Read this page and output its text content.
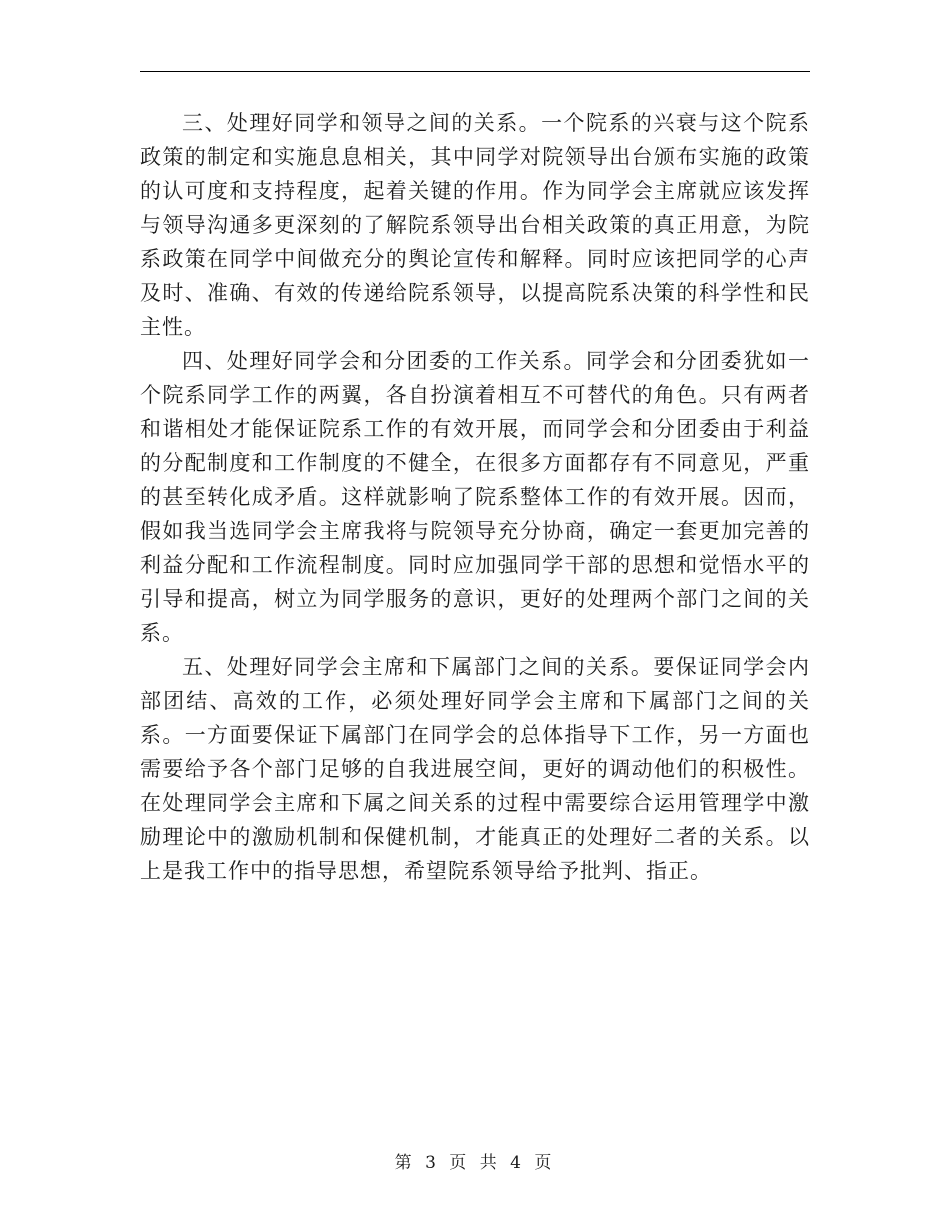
三、处理好同学和领导之间的关系。一个院系的兴衰与这个院系政策的制定和实施息息相关，其中同学对院领导出台颁布实施的政策的认可度和支持程度，起着关键的作用。作为同学会主席就应该发挥与领导沟通多更深刻的了解院系领导出台相关政策的真正用意，为院系政策在同学中间做充分的舆论宣传和解释。同时应该把同学的心声及时、准确、有效的传递给院系领导，以提高院系决策的科学性和民主性。

四、处理好同学会和分团委的工作关系。同学会和分团委犹如一个院系同学工作的两翼，各自扮演着相互不可替代的角色。只有两者和谐相处才能保证院系工作的有效开展，而同学会和分团委由于利益的分配制度和工作制度的不健全，在很多方面都存有不同意见，严重的甚至转化成矛盾。这样就影响了院系整体工作的有效开展。因而，假如我当选同学会主席我将与院领导充分协商，确定一套更加完善的利益分配和工作流程制度。同时应加强同学干部的思想和觉悟水平的引导和提高，树立为同学服务的意识，更好的处理两个部门之间的关系。

五、处理好同学会主席和下属部门之间的关系。要保证同学会内部团结、高效的工作，必须处理好同学会主席和下属部门之间的关系。一方面要保证下属部门在同学会的总体指导下工作，另一方面也需要给予各个部门足够的自我进展空间，更好的调动他们的积极性。在处理同学会主席和下属之间关系的过程中需要综合运用管理学中激励理论中的激励机制和保健机制，才能真正的处理好二者的关系。以上是我工作中的指导思想，希望院系领导给予批判、指正。

第 3 页 共 4 页
